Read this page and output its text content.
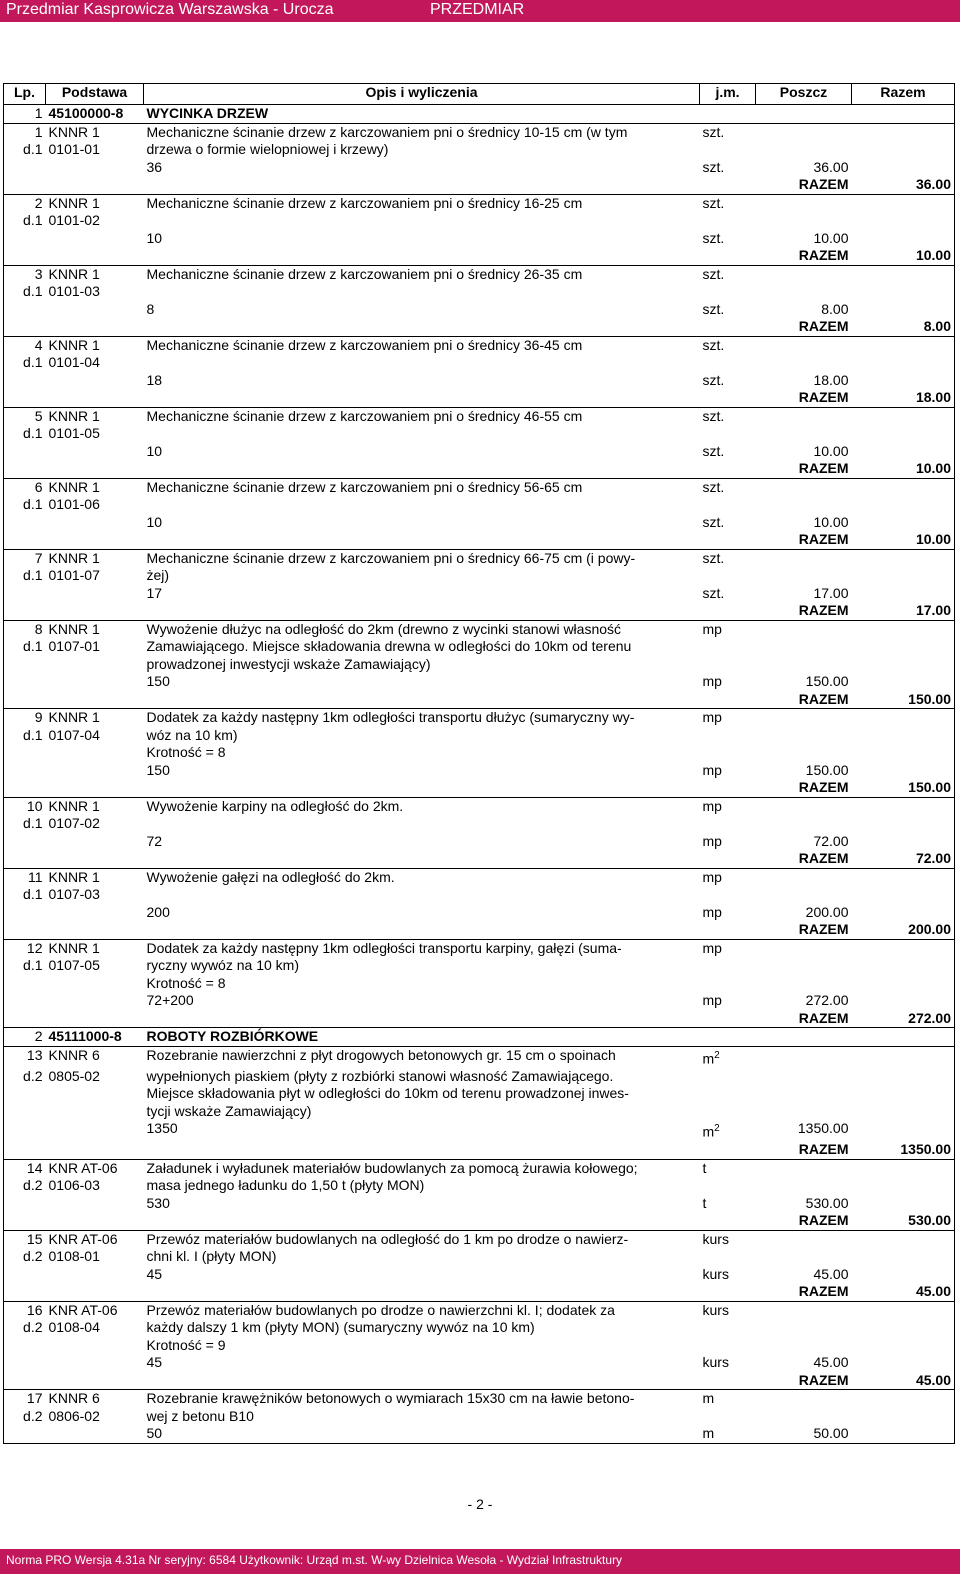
Przedmiar Kasprowicza Warszawska - Urocza	PRZEDMIAR
Lp.	Podstawa	Opis i wyliczenia	j.m.	Poszcz	Razem
1	45100000-8	WYCINKA DRZEW			
1	KNNR 1	Mechaniczne ścinanie drzew z karczowaniem pni o średnicy 10-15 cm (w tym	szt.		
d.1	0101-01	drzewa o formie wielopniowej i krzewy)			
		36	szt.	36.00	
				RAZEM	36.00
2	KNNR 1	Mechaniczne ścinanie drzew z karczowaniem pni o średnicy 16-25 cm	szt.		
d.1	0101-02				
		10	szt.	10.00	
				RAZEM	10.00
3	KNNR 1	Mechaniczne ścinanie drzew z karczowaniem pni o średnicy 26-35 cm	szt.		
d.1	0101-03				
		8	szt.	8.00	
				RAZEM	8.00
4	KNNR 1	Mechaniczne ścinanie drzew z karczowaniem pni o średnicy 36-45 cm	szt.		
d.1	0101-04				
		18	szt.	18.00	
				RAZEM	18.00
5	KNNR 1	Mechaniczne ścinanie drzew z karczowaniem pni o średnicy 46-55 cm	szt.		
d.1	0101-05				
		10	szt.	10.00	
				RAZEM	10.00
6	KNNR 1	Mechaniczne ścinanie drzew z karczowaniem pni o średnicy 56-65 cm	szt.		
d.1	0101-06				
		10	szt.	10.00	
				RAZEM	10.00
7	KNNR 1	Mechaniczne ścinanie drzew z karczowaniem pni o średnicy 66-75 cm (i powy-	szt.		
d.1	0101-07	żej)			
		17	szt.	17.00	
				RAZEM	17.00
8	KNNR 1	Wywożenie dłużyc na odległość do 2km (drewno z wycinki stanowi własność	mp		
d.1	0107-01	Zamawiającego. Miejsce składowania drewna w odległości do 10km od terenu			
		prowadzonej inwestycji wskaże Zamawiający)			
		150	mp	150.00	
				RAZEM	150.00
9	KNNR 1	Dodatek za każdy następny 1km odległości transportu dłużyc (sumaryczny wy-	mp		
d.1	0107-04	wóz na 10 km)			
		Krotność = 8			
		150	mp	150.00	
				RAZEM	150.00
10	KNNR 1	Wywożenie karpiny na odległość do 2km.	mp		
d.1	0107-02				
		72	mp	72.00	
				RAZEM	72.00
11	KNNR 1	Wywożenie gałęzi na odległość do 2km.	mp		
d.1	0107-03				
		200	mp	200.00	
				RAZEM	200.00
12	KNNR 1	Dodatek za każdy następny 1km odległości transportu karpiny, gałęzi (suma-	mp		
d.1	0107-05	ryczny wywóz na 10 km)			
		Krotność = 8			
		72+200	mp	272.00	
				RAZEM	272.00
2	45111000-8	ROBOTY ROZBIÓRKOWE			
13	KNNR 6	Rozebranie nawierzchni z płyt drogowych betonowych gr. 15 cm o spoinach	$m^2$		
d.2	0805-02	wypełnionych piaskiem (płyty z rozbiórki stanowi własność Zamawiającego.			
		Miejsce składowania płyt w odległości do 10km od terenu prowadzonej inwes-			
		tycji wskaże Zamawiający)			
		1350	$m^2$	1350.00	
				RAZEM	1350.00
14	KNR AT-06	Załadunek i wyładunek materiałów budowlanych za pomocą żurawia kołowego;	t		
d.2	0106-03	masa jednego ładunku do 1,50 t (płyty MON)			
		530	t	530.00	
				RAZEM	530.00
15	KNR AT-06	Przewóz materiałów budowlanych na odległość do 1 km po drodze o nawierz-	kurs		
d.2	0108-01	chni kl. I (płyty MON)			
		45	kurs	45.00	
				RAZEM	45.00
16	KNR AT-06	Przewóz materiałów budowlanych po drodze o nawierzchni kl. I; dodatek za	kurs		
d.2	0108-04	każdy dalszy 1 km (płyty MON) (sumaryczny wywóz na 10 km)			
		Krotność = 9			
		45	kurs	45.00	
				RAZEM	45.00
17	KNNR 6	Rozebranie krawężników betonowych o wymiarach 15x30 cm na ławie betono-	m		
d.2	0806-02	wej z betonu B10			
		50	m	50.00	
- 2 -
Norma PRO Wersja 4.31a Nr seryjny: 6584 Użytkownik: Urząd m.st. W-wy Dzielnica Wesoła - Wydział Infrastruktury
